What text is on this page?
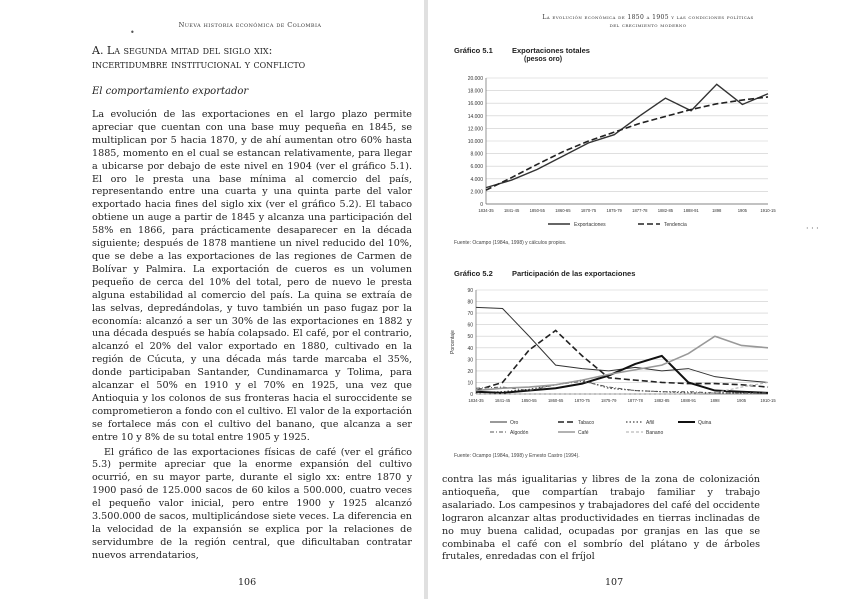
Nueva historia económica de Colombia
•
A. La segunda mitad del siglo xix:
incertidumbre institucional y conflicto
El comportamiento exportador

La evolución de las exportaciones en el largo plazo permite apreciar que cuentan con una base muy pequeña en 1845, se multiplican por 5 hacia 1870, y de ahí aumentan otro 60% hasta 1885, momento en el cual se estancan relativamente, para llegar a ubicarse por debajo de este nivel en 1904 (ver el gráfico 5.1). El oro le presta una base mínima al comercio del país, representando entre una cuarta y una quinta parte del valor exportado hacia fines del siglo xix (ver el gráfico 5.2). El tabaco obtiene un auge a partir de 1845 y alcanza una participación del 58% en 1866, para prácticamente desaparecer en la década siguiente; después de 1878 mantiene un nivel reducido del 10%, que se debe a las exportaciones de las regiones de Carmen de Bolívar y Palmira. La exportación de cueros es un volumen pequeño de cerca del 10% del total, pero de nuevo le presta alguna estabilidad al comercio del país. La quina se extraía de las selvas, depredándolas, y tuvo también un paso fugaz por la economía: alcanzó a ser un 30% de las exportaciones en 1882 y una década después se había colapsado. El café, por el contrario, alcanzó el 20% del valor exportado en 1880, cultivado en la región de Cúcuta, y una década más tarde marcaba el 35%, donde participaban Santander, Cundinamarca y Tolima, para alcanzar el 50% en 1910 y el 70% en 1925, una vez que Antioquia y los colonos de sus fronteras hacia el suroccidente se comprometieron a fondo con el cultivo. El valor de la exportación se fortalece más con el cultivo del banano, que alcanza a ser entre 10 y 8% de su total entre 1905 y 1925.

El gráfico de las exportaciones físicas de café (ver el gráfico 5.3) permite apreciar que la enorme expansión del cultivo ocurrió, en su mayor parte, durante el siglo xx: entre 1870 y 1900 pasó de 125.000 sacos de 60 kilos a 500.000, cuatro veces el pequeño valor inicial, pero entre 1900 y 1925 alcanzó 3.500.000 de sacos, multiplicándose siete veces. La diferencia en la velocidad de la expansión se explica por la relaciones de servidumbre de la región central, que dificultaban contratar nuevos arrendatarios,

106
La evolución económica de 1850 a 1905 y las condiciones políticas
del crecimiento moderno
Gráfico 5.1	Exportaciones totales
(pesos oro)
0
2.000
4.000
6.000
8.000
10.000
12.000
14.000
16.000
18.000
20.000
1834-35 1841-45 1850-55 1860-65 1870-75 1875-79 1877-78 1882-85 1888-91	1898	1905	1910-15
Exportaciones	Tendencia
Fuente: Ocampo (1984a, 1998) y cálculos propios.
Gráfico 5.2	Participación de las exportaciones
0
10
20
30
40
50
60
70
80
90
1834-35	1841-45	1850-55	1860-65	1870-75	1875-79	1877-78	1882-85	1888-91	1898	1905	1910-15
Porcentaje
Oro	Tabaco	Añil	Quina
Algodón	Café	Banano
Fuente: Ocampo (1984a, 1998) y Ernesto Castro (1994).
contra las más igualitarias y libres de la zona de colonización antioqueña, que compartían trabajo familiar y trabajo asalariado. Los campesinos y trabajadores del café del occidente lograron alcanzar altas productividades en tierras inclinadas de no muy buena calidad, ocupadas por granjas en las que se combinaba el café con el sombrío del plátano y de árboles frutales, enredadas con el fríjol
107
· · ·
